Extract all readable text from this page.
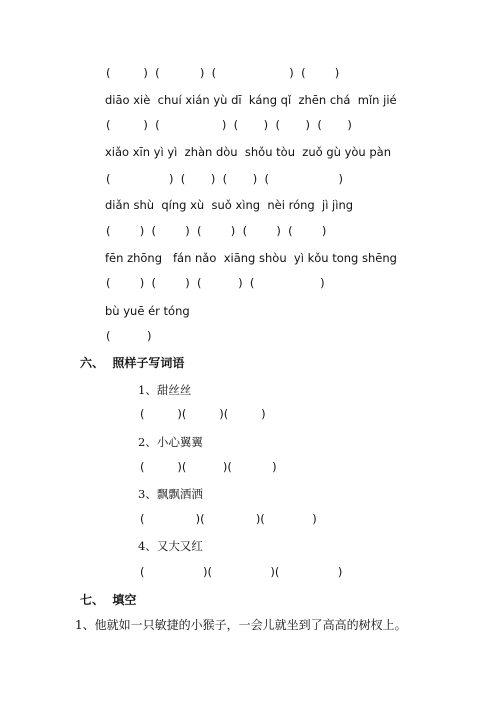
(         )  (           )  (                    )  (        )
diāo xiè  chuí xián yù dī  káng qǐ  zhēn chá  mǐn jié
(         )  (                 )  (       )  (       )  (       )
xiǎo xīn yì yì  zhàn dòu  shǒu tòu  zuǒ gù yòu pàn
(                )  (       )  (       )  (                   )
diǎn shù  qíng xù  suǒ xìng  nèi róng  jì jìng
(        )  (        )  (        )  (        )  (        )
fēn zhōng   fán nǎo  xiāng shòu  yì kǒu tong shēng
(        )  (        )  (          )  (                  )
bù yuē ér tóng
(          )
六、  照样子写词语
1、甜丝丝
(         )(         )(         )
2、小心翼翼
(         )(          )(           )
3、飘飘洒洒
(              )(              )(             )
4、又大又红
(                )(                )(                )
七、  填空
1、他就如一只敏捷的小猴子，一会儿就坐到了高高的树杈上。
